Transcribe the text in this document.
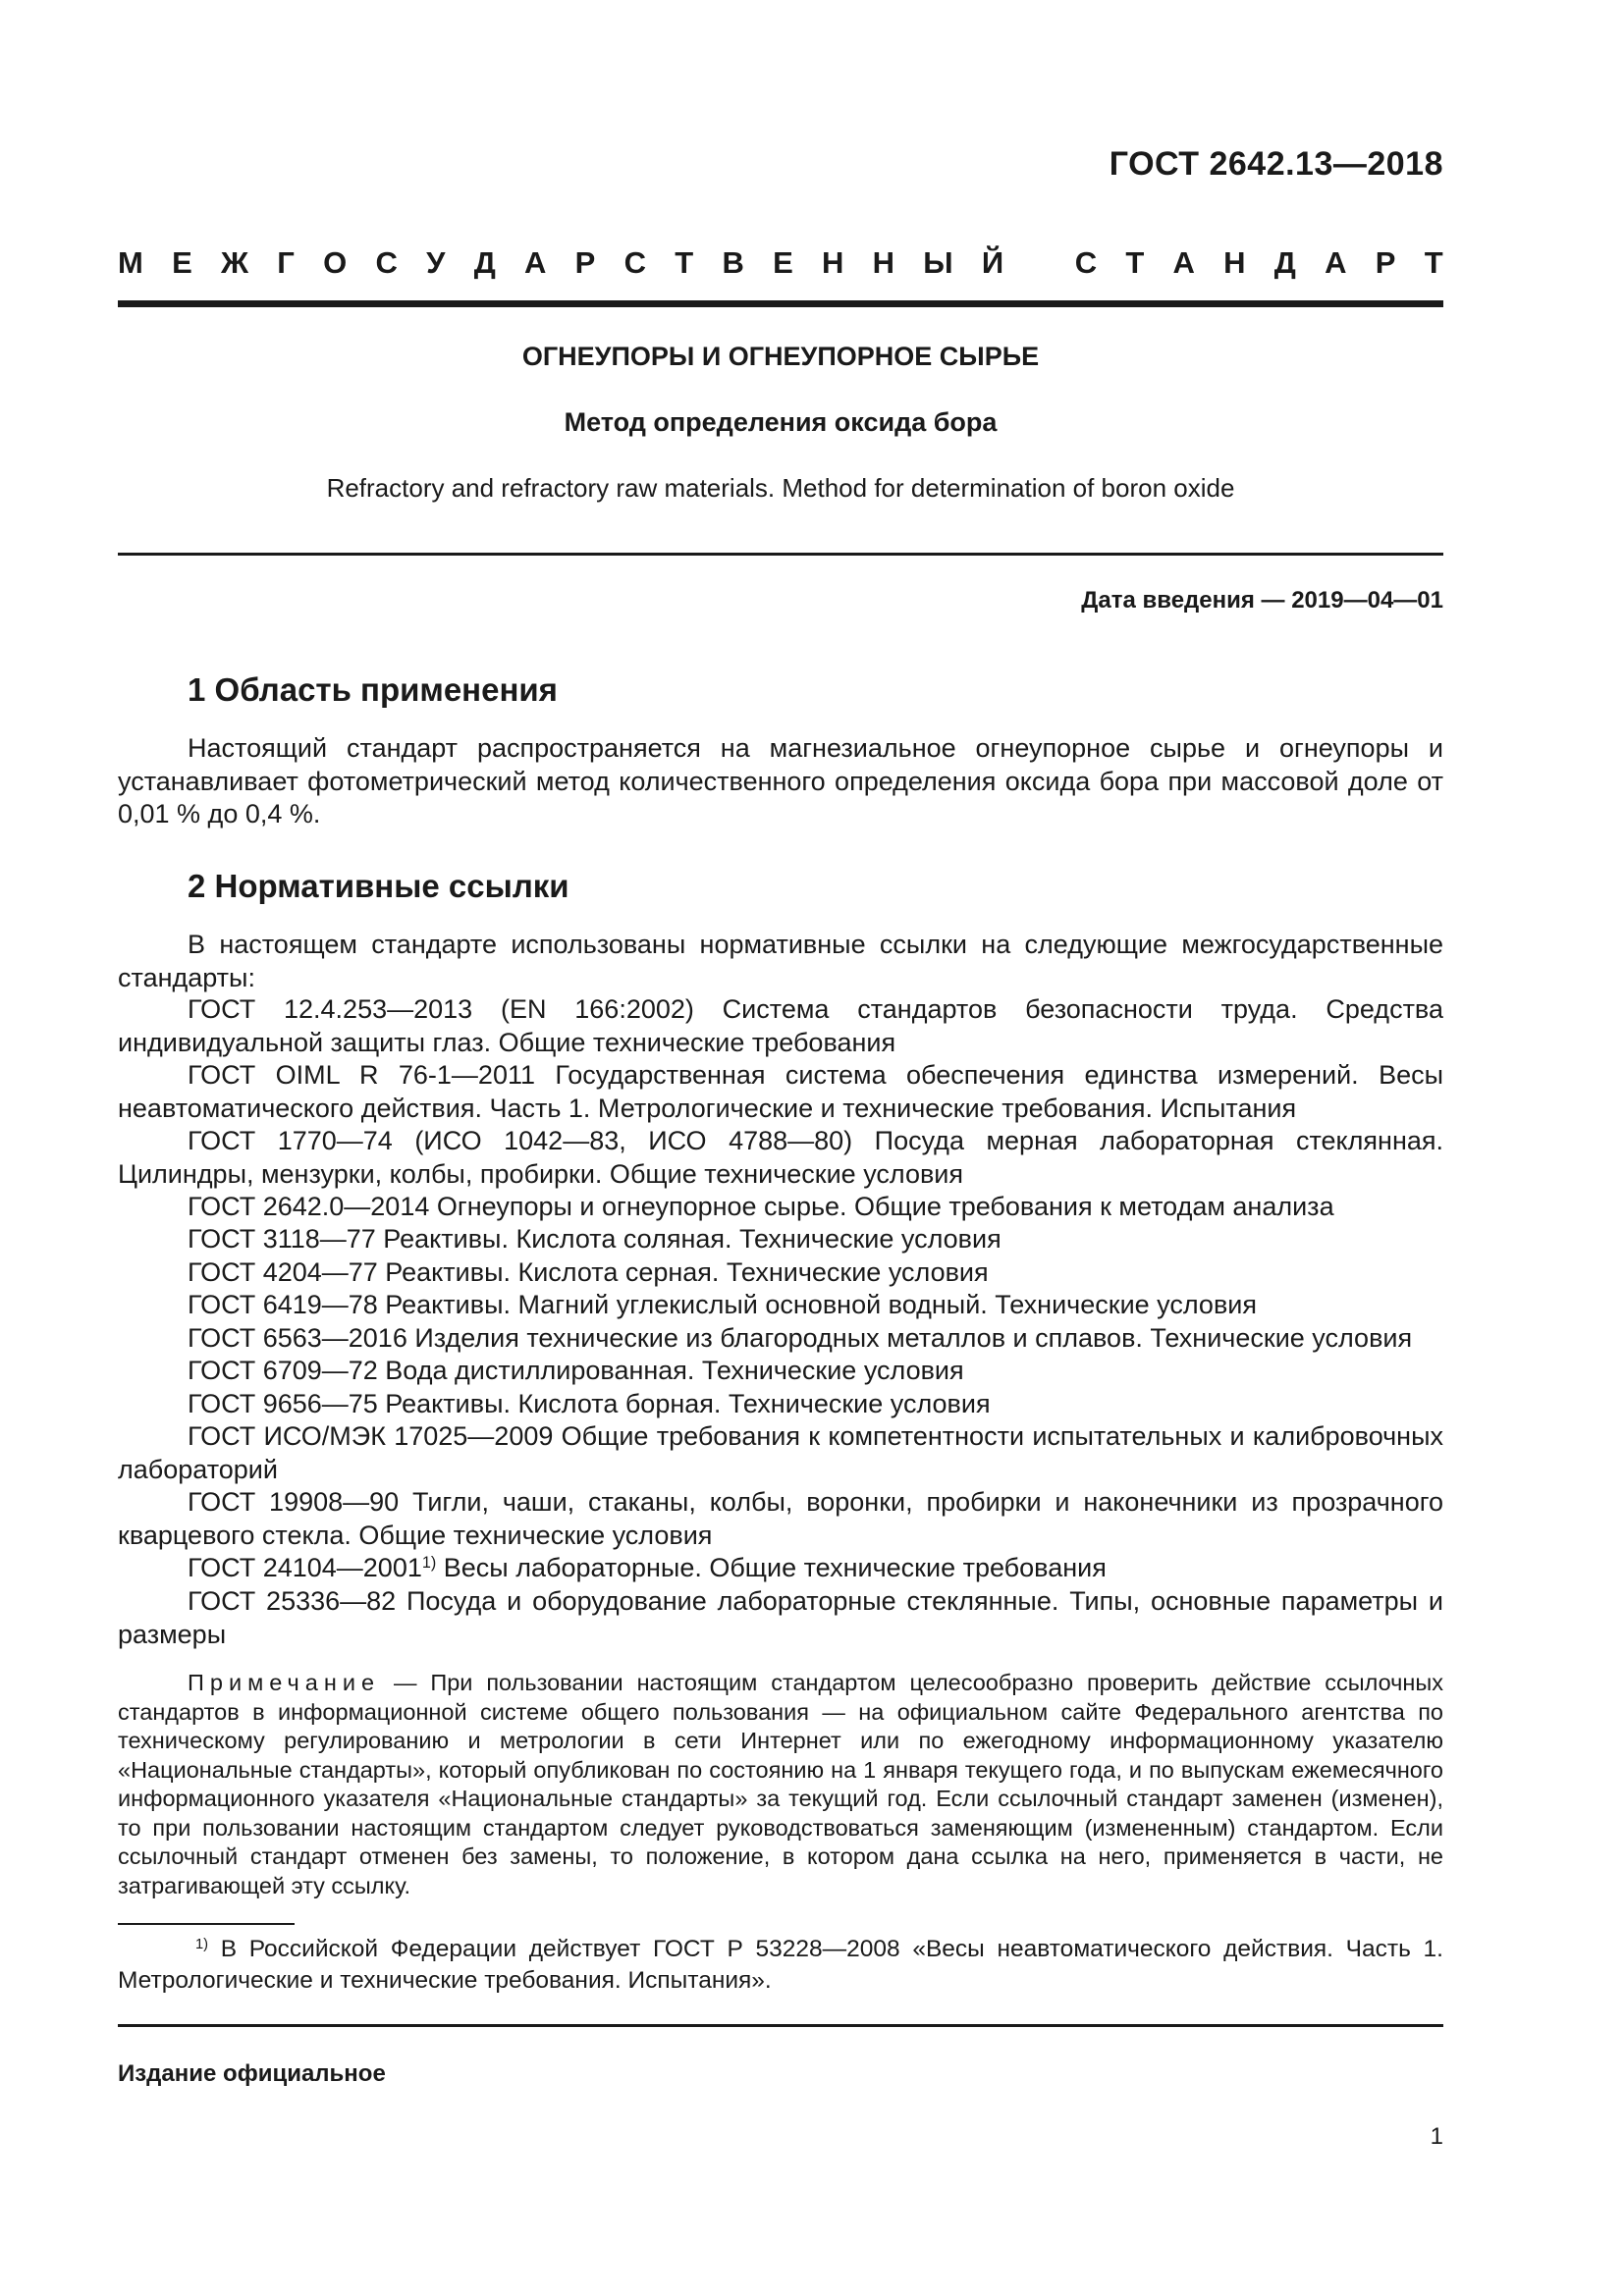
ГОСТ 2642.13—2018
М Е Ж Г О С У Д А Р С Т В Е Н Н Ы Й С Т А Н Д А Р Т
ОГНЕУПОРЫ И ОГНЕУПОРНОЕ СЫРЬЕ
Метод определения оксида бора
Refractory and refractory raw materials. Method for determination of boron oxide
Дата введения — 2019—04—01
1 Область применения
Настоящий стандарт распространяется на магнезиальное огнеупорное сырье и огнеупоры и устанавливает фотометрический метод количественного определения оксида бора при массовой доле от 0,01 % до 0,4 %.
2 Нормативные ссылки
В настоящем стандарте использованы нормативные ссылки на следующие межгосударственные стандарты:
ГОСТ 12.4.253—2013 (EN 166:2002) Система стандартов безопасности труда. Средства индивидуальной защиты глаз. Общие технические требования
ГОСТ OIML R 76-1—2011 Государственная система обеспечения единства измерений. Весы неавтоматического действия. Часть 1. Метрологические и технические требования. Испытания
ГОСТ 1770—74 (ИСО 1042—83, ИСО 4788—80) Посуда мерная лабораторная стеклянная. Цилиндры, мензурки, колбы, пробирки. Общие технические условия
ГОСТ 2642.0—2014 Огнеупоры и огнеупорное сырье. Общие требования к методам анализа
ГОСТ 3118—77 Реактивы. Кислота соляная. Технические условия
ГОСТ 4204—77 Реактивы. Кислота серная. Технические условия
ГОСТ 6419—78 Реактивы. Магний углекислый основной водный. Технические условия
ГОСТ 6563—2016 Изделия технические из благородных металлов и сплавов. Технические условия
ГОСТ 6709—72 Вода дистиллированная. Технические условия
ГОСТ 9656—75 Реактивы. Кислота борная. Технические условия
ГОСТ ИСО/МЭК 17025—2009 Общие требования к компетентности испытательных и калибровочных лабораторий
ГОСТ 19908—90 Тигли, чаши, стаканы, колбы, воронки, пробирки и наконечники из прозрачного кварцевого стекла. Общие технические условия
ГОСТ 24104—2001$^{1)}$ Весы лабораторные. Общие технические требования
ГОСТ 25336—82 Посуда и оборудование лабораторные стеклянные. Типы, основные параметры и размеры
Примечание — При пользовании настоящим стандартом целесообразно проверить действие ссылочных стандартов в информационной системе общего пользования — на официальном сайте Федерального агентства по техническому регулированию и метрологии в сети Интернет или по ежегодному информационному указателю «Национальные стандарты», который опубликован по состоянию на 1 января текущего года, и по выпускам ежемесячного информационного указателя «Национальные стандарты» за текущий год. Если ссылочный стандарт заменен (изменен), то при пользовании настоящим стандартом следует руководствоваться заменяющим (измененным) стандартом. Если ссылочный стандарт отменен без замены, то положение, в котором дана ссылка на него, применяется в части, не затрагивающей эту ссылку.
$^{1)}$ В Российской Федерации действует ГОСТ Р 53228—2008 «Весы неавтоматического действия. Часть 1. Метрологические и технические требования. Испытания».
Издание официальное
1
